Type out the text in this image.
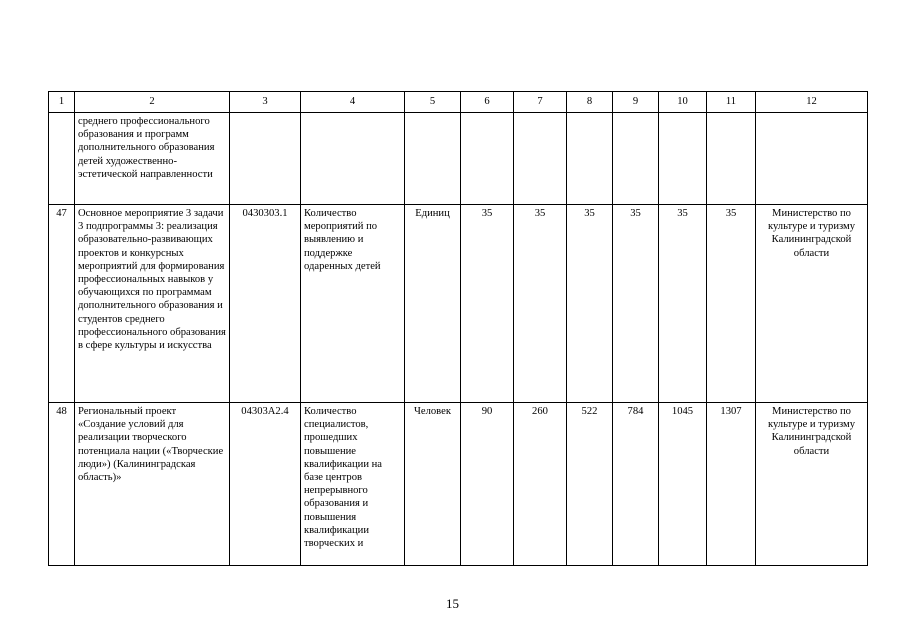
1	2	3	4	5	6	7	8	9	10	11	12
	среднего профессионального образования и программ дополнительного образования детей художественно-эстетической направленности										
47	Основное мероприятие 3 задачи 3 подпрограммы 3: реализация образовательно-развивающих проектов и конкурсных мероприятий для формирования профессиональных навыков у обучающихся по программам дополнительного образования и студентов среднего профессионального образования в сфере культуры и искусства	0430303.1	Количество мероприятий по выявлению и поддержке одаренных детей	Единиц	35	35	35	35	35	35	Министерство по культуре и туризму Калининградской области
48	Региональный проект «Создание условий для реализации творческого потенциала нации («Творческие люди») (Калининградская область)»	04303A2.4	Количество специалистов, прошедших повышение квалификации на базе центров непрерывного образования и повышения квалификации творческих и	Человек	90	260	522	784	1045	1307	Министерство по культуре и туризму Калининградской области
15
